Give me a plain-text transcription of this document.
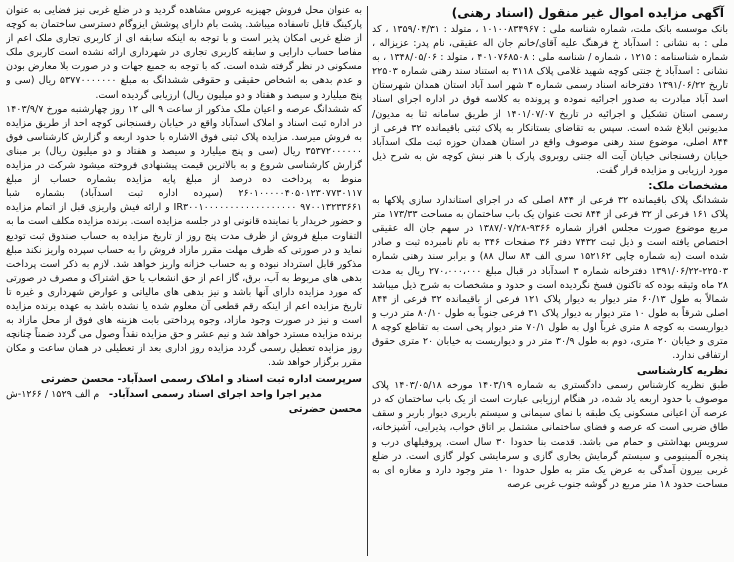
آگهی مزایده اموال غیر منقول (اسناد رهنی)

بانک موسسه بانک ملت، شماره شناسه ملی : ۱۰۱۰۰۸۳۴۹۶۷ ، متولد : ۱۳۵۹/۰۴/۳۱ ، کد ملی : به نشانی : اسدآباد خ فرهنگ علیه آقای/خانم جان اله عقیقی، نام پدر: عزیزاله ، شماره شناسنامه : ۱۲۱۵ ، شماره / شناسه ملی : ۴۰۱۰۷۶۸۵۰۸ ، متولد : ۱۳۴۸/۰۵/۰۶ ، به نشانی : اسدآباد خ جنتی کوچه شهید غلامی پلاک ۳۱۱۸ به استناد سند رهنی شماره ۲۲۵۰۳ تاریخ ۱۳۹۱/۰۶/۲۲ دفترخانه اسناد رسمی شماره ۳ شهر اسد آباد استان همدان شهرستان اسد آباد مبادرت به صدور اجرائیه نموده و پرونده به کلاسه فوق در اداره اجرای اسناد رسمی استان تشکیل و اجرائیه در تاریخ ۱۴۰۱/۰۷/۰۷ از طریق سامانه ثنا به مدیون/ مدیونین ابلاغ شده است. سپس به تقاضای بستانکار به پلاک ثبتی باقیمانده ۳۲ فرعی از ۸۴۴ اصلی، موضوع سند رهنی موصوف واقع در استان همدان حوزه ثبت ملک اسدآباد خیابان رفسنجانی خیابان آیت اله جنتی روبروی پارک با هنر نبش کوچه ش به شرح ذیل مورد ارزیابی و مزایده قرار گفت.

مشخصات ملک:

ششدانگ پلاک باقیمانده ۳۲ فرعی از ۸۴۴ اصلی که در اجرای استاندارد سازی پلاکها به پلاک ۱۶۱ فرعی از ۳۲ فرعی از ۸۴۴ تحت عنوان یک باب ساختمان به مساحت ۱۷۳/۳۳ متر مربع موضوع صورت مجلس افراز شماره ۹۳۶۶-۱۳۸۷/۰۷/۲۸ در سهم جان اله عقیقی اختصاص یافته است و ذیل ثبت ۷۴۳۲ دفتر ۳۶ صفحات ۳۴۶ به نام نامبرده ثبت و صادر شده است (به شماره چاپی ۱۵۲۱۶۲ سری الف ۸۴ سال ۸۸) و برابر سند رهنی شماره ۲۲۵۰۳-۱۳۹۱/۰۶/۲۲ دفترخانه شماره ۳ اسدآباد در قبال مبلغ ۲۷۰،۰۰۰،۰۰۰ ریال به مدت ۲۸ ماه وثیقه بوده که تاکنون فسخ نگردیده است و حدود و مشخصات به شرح ذیل میباشد شمالاً به طول ۶۰/۱۳ متر دیوار به دیوار پلاک ۱۲۱ فرعی از باقیمانده ۳۲ فرعی از ۸۴۴ اصلی شرقاً به طول ۱۰ متر دیوار به دیوار پلاک ۳۱ فرعی جنوباً به طول ۸۰/۱۰ متر درب و دیواریست به کوچه ۸ متری غرباً اول به طول ۷۰/۱ متر دیوار پخی است به تقاطع کوچه ۸ متری و خیابان ۲۰ متری، دوم به طول ۳۰/۹ متر در و دیواریست به خیابان ۲۰ متری حقوق ارتفاقی ندارد.

نظریه کارشناسی

طبق نظریه کارشناس رسمی دادگستری به شماره ۱۴۰۳/۱۹ مورخه ۱۴۰۳/۰۵/۱۸ پلاک موصوف با حدود اربعه یاد شده، در هنگام ارزیابی عبارت است از یک باب ساختمان که در عرصه آن اعیانی مسکونی یک طبقه با نمای سیمانی و سیستم باربری دیوار باربر و سقف طاق ضربی است که عرصه و فضای ساختمانی مشتمل بر اتاق خواب، پذیرایی، آشپزخانه، سرویس بهداشتی و حمام می باشد. قدمت بنا حدودا ۳۰ سال است. پروفیلهای درب و پنجره آلمینیومی و سیستم گرمایش بخاری گازی و سرمایشی کولر گازی است. در ضلع غربی بیرون آمدگی به عرض یک متر به طول حدودا ۱۰ متر وجود دارد و مغازه ای به مساحت حدود ۱۸ متر مربع در گوشه جنوب غربی عرصه

به عنوان محل فروش جهیزیه عروس مشاهده گردید و در ضلع غربی نیز فضایی به عنوان پارکینگ قابل تاسفاده میباشد. پشت بام دارای پوشش ایزوگام دسترسی ساختمان به کوچه از ضلع غربی امکان پذیر است و با توجه به اینکه سابقه ای از کاربری تجاری ملک اعم از مفاصا حساب دارایی و سابقه کاربری تجاری در شهرداری ارائه نشده است کاربری ملک مسکونی در نظر گرفته شده است. که با توجه به جمیع جهات و در صورت بلا معارض بودن و عدم بدهی به اشخاص حقیقی و حقوقی ششدانگ به مبلغ ۵۳۷۷۰۰۰۰۰۰۰ ریال (سی و پنج میلیارد و سیصد و هفتاد و دو میلیون ریال) ارزیابی گردیده است.

که ششدانگ عرصه و اعیان ملک مذکور از ساعت ۹ الی ۱۲ روز چهارشنبه مورخ ۱۴۰۳/۹/۷ در اداره ثبت اسناد و املاک اسدآباد واقع در خیابان رفسنجانی کوچه احد از طریق مزایده به فروش میرسد. مزایده پلاک ثبتی فوق الاشاره با حدود اربعه و گزارش کارشناسی فوق ۳۵۳۷۲۰۰۰۰۰۰ ریال (سی و پنج میلیارد و سیصد و هفتاد و دو میلیون ریال) بر مبنای گزارش کارشناسی شروع و به بالاترین قیمت پیشنهادی فروخته میشود شرکت در مزایده منوط به پرداخت ده درصد از مبلغ پایه مزایده بشماره حساب از مبلغ ۲۶۰۱۰۰۰۰۰۴۰۵۰۱۲۳۰۷۷۳۰۱۱۷ (سپرده اداره ثبت اسدآباد) بشماره شبا IR۳۰۰۱۰۰۰۰۰۰۰۰۰۰۰۰۰۰۰۰۰۰ ۹۷۰۰۱۳۲۳۳۶۶۱ و ارائه فیش واریزی قبل از اتمام مزایده و حضور خریدار یا نماینده قانونی او در جلسه مزایده است. برنده مزایده مکلف است ما به التفاوت مبلغ فروش از ظرف مدت پنج روز از تاریخ مزایده به حساب صندوق ثبت تودیع نماید و در صورتی که ظرف مهلت مقرر مازاد فروش را به حساب سپرده واریز نکند مبلغ مذکور قابل استرداد نبوده و به حساب خزانه واریز خواهد شد. لازم به ذکر است پرداخت بدهی های مربوط به آب، برق، گاز اعم از حق انشعاب یا حق اشتراک و مصرف در صورتی که مورد مزایده دارای آنها باشد و نیز بدهی های مالیاتی و عوارض شهرداری و غیره تا تاریخ مزایده اعم از اینکه رقم قطعی آن معلوم شده یا نشده باشد به عهده برنده مزایده است و نیز در صورت وجود مازاد، وجوه پرداختی بابت هزینه های فوق از محل مازاد به برنده مزایده مسترد خواهد شد و نیم عشر و حق مزایده نقداً وصول می گردد ضمناً چنانچه روز مزایده تعطیل رسمی گردد مزایده روز اداری بعد از تعطیلی در همان ساعت و مکان مقرر برگزار خواهد شد.

سرپرست اداره ثبت اسناد و املاک رسمی اسدآباد- محسن حضرتی
مدیر اجرا واحد اجرای اسناد رسمی اسدآباد-
م الف ۱۵۲۹ / ۱۲۶۶-ش
محسن حضرتی
